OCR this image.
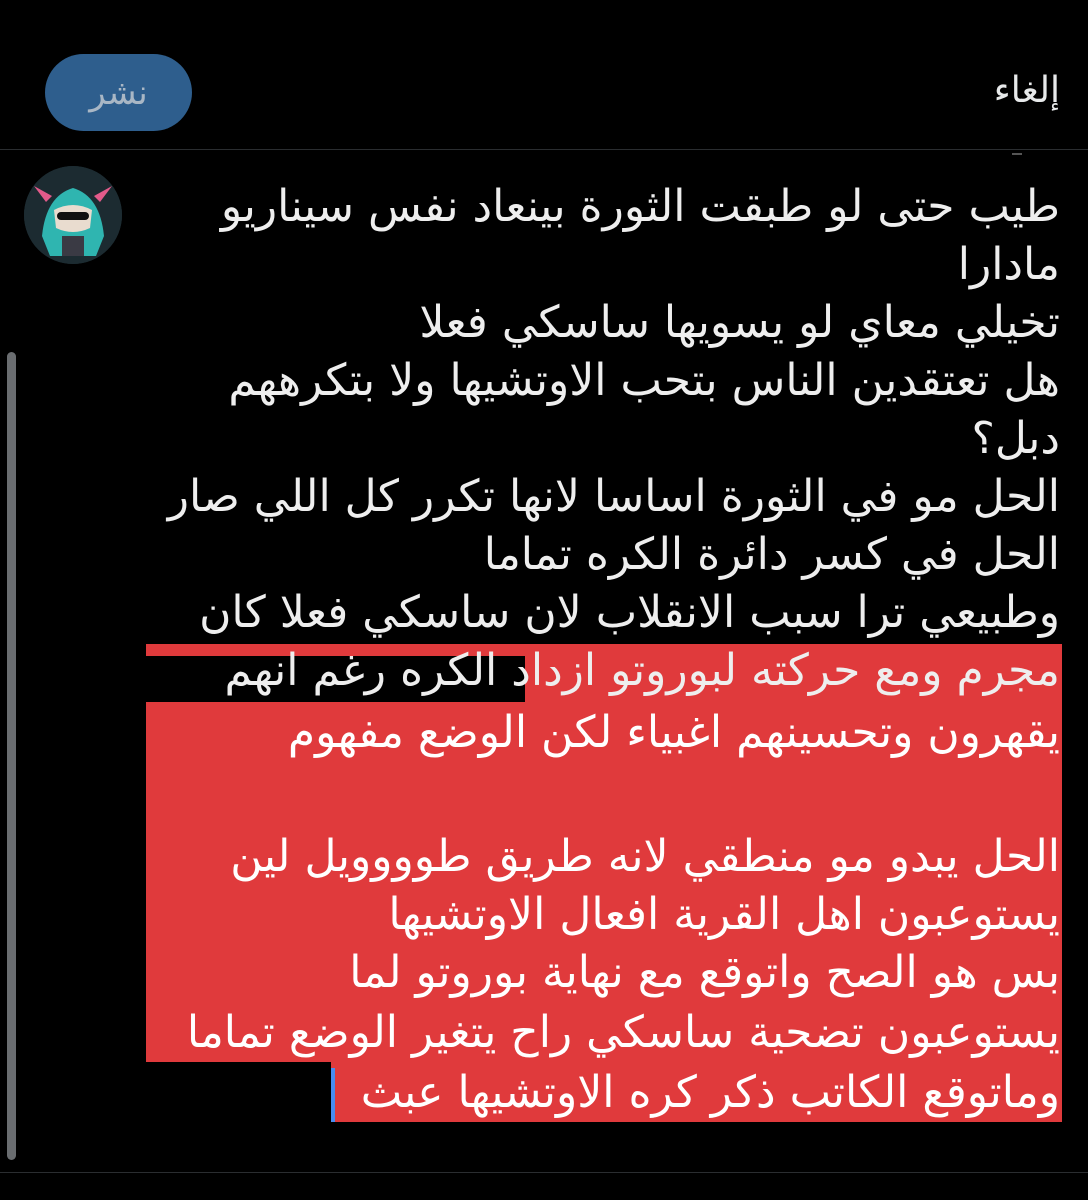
نشر	إلغاء
طيب حتى لو طبقت الثورة بينعاد نفس سيناريو
مادارا
تخيلي معاي لو يسويها ساسكي فعلا
هل تعتقدين الناس بتحب الاوتشيها ولا بتكرههم
دبل؟
الحل مو في الثورة اساسا لانها تكرر كل اللي صار
الحل في كسر دائرة الكره تماما
وطبيعي ترا سبب الانقلاب لان ساسكي فعلا كان
مجرم ومع حركته لبوروتو ازداد الكره رغم انهم
يقهرون وتحسينهم اغبياء لكن الوضع مفهوم
الحل يبدو مو منطقي لانه طريق طوووويل لين
يستوعبون اهل القرية افعال الاوتشيها
بس هو الصح واتوقع مع نهاية بوروتو لما
يستوعبون تضحية ساسكي راح يتغير الوضع تماما
وماتوقع الكاتب ذكر كره الاوتشيها عبث
